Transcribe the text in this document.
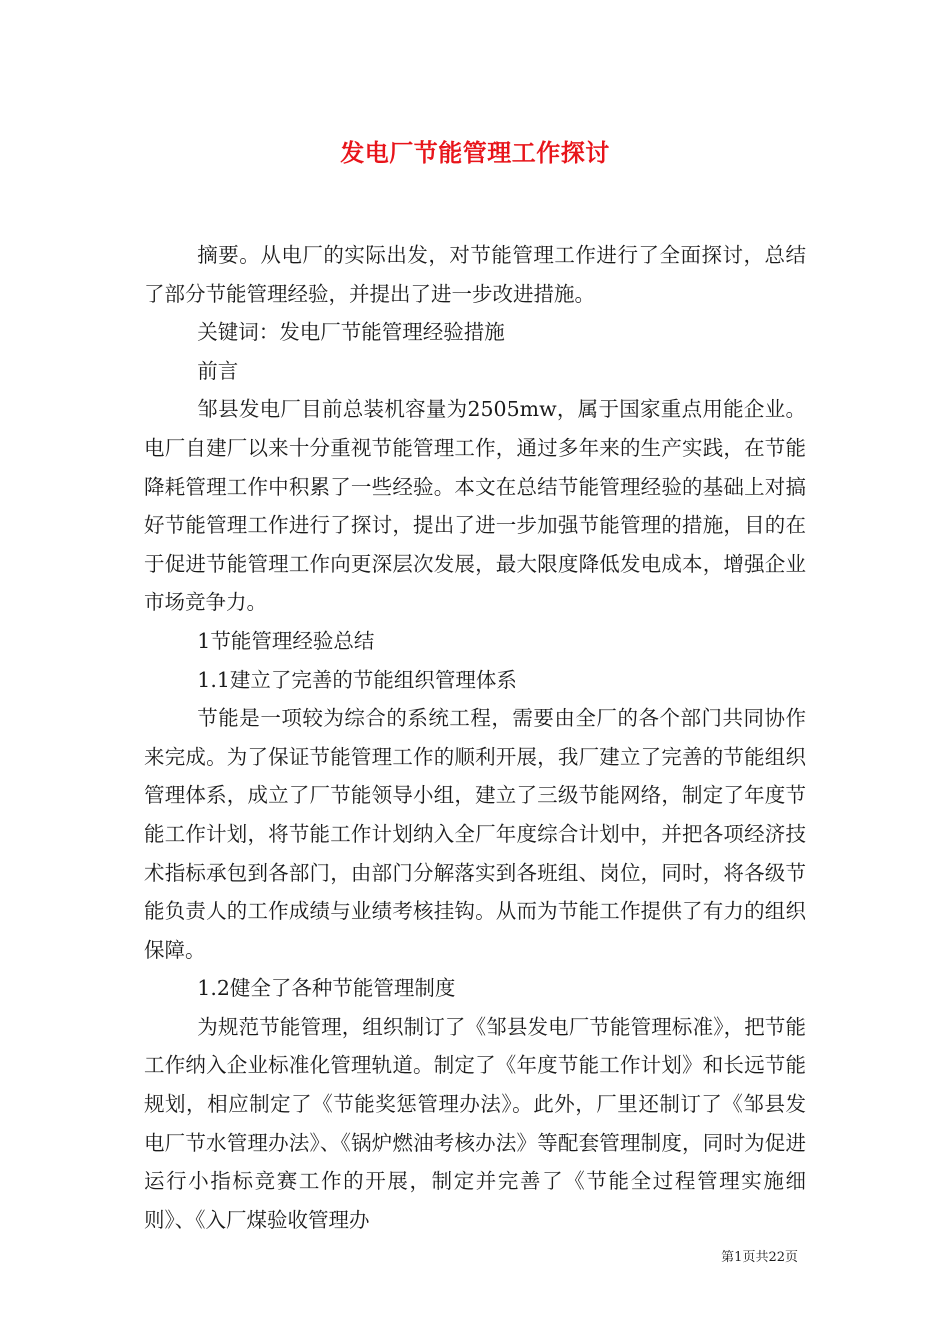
发电厂节能管理工作探讨

摘要。从电厂的实际出发，对节能管理工作进行了全面探讨，总结了部分节能管理经验，并提出了进一步改进措施。

关键词：发电厂节能管理经验措施

前言

邹县发电厂目前总装机容量为2505mw，属于国家重点用能企业。电厂自建厂以来十分重视节能管理工作，通过多年来的生产实践，在节能降耗管理工作中积累了一些经验。本文在总结节能管理经验的基础上对搞好节能管理工作进行了探讨，提出了进一步加强节能管理的措施，目的在于促进节能管理工作向更深层次发展，最大限度降低发电成本，增强企业市场竞争力。

1节能管理经验总结

1.1建立了完善的节能组织管理体系

节能是一项较为综合的系统工程，需要由全厂的各个部门共同协作来完成。为了保证节能管理工作的顺利开展，我厂建立了完善的节能组织管理体系，成立了厂节能领导小组，建立了三级节能网络，制定了年度节能工作计划，将节能工作计划纳入全厂年度综合计划中，并把各项经济技术指标承包到各部门，由部门分解落实到各班组、岗位，同时，将各级节能负责人的工作成绩与业绩考核挂钩。从而为节能工作提供了有力的组织保障。

1.2健全了各种节能管理制度

为规范节能管理，组织制订了《邹县发电厂节能管理标准》，把节能工作纳入企业标准化管理轨道。制定了《年度节能工作计划》和长远节能规划，相应制定了《节能奖惩管理办法》。此外，厂里还制订了《邹县发电厂节水管理办法》、《锅炉燃油考核办法》等配套管理制度，同时为促进运行小指标竞赛工作的开展，制定并完善了《节能全过程管理实施细则》、《入厂煤验收管理办

第1页共22页
